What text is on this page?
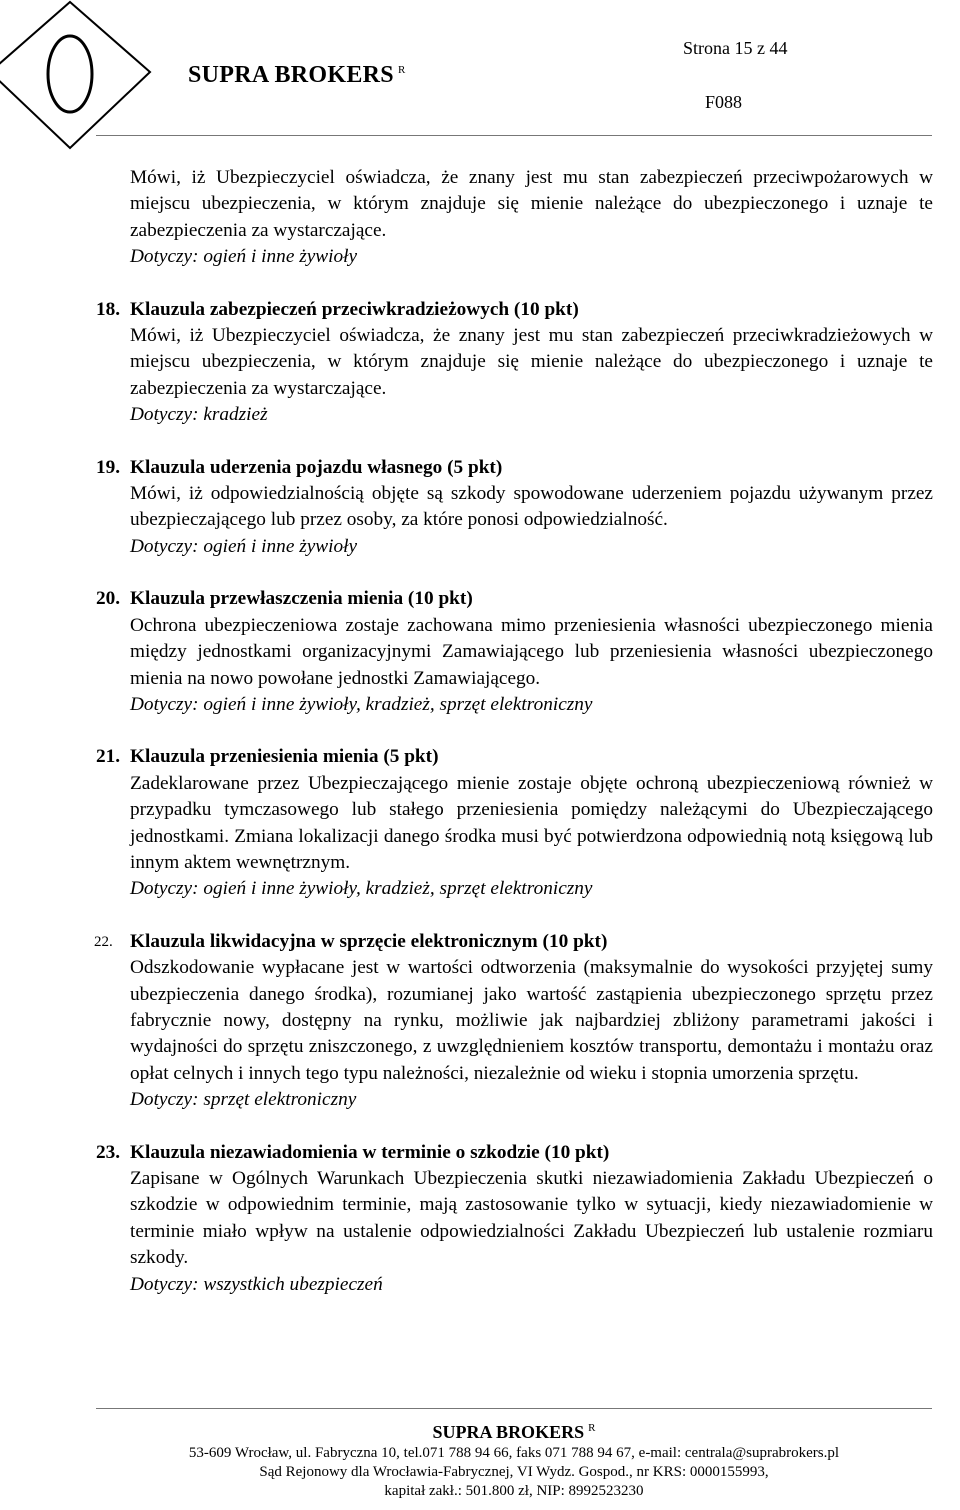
SUPRA BROKERS $^R$
Strona 15 z 44
F088
Mówi, iż Ubezpieczyciel oświadcza, że znany jest mu stan zabezpieczeń przeciwpożarowych w miejscu ubezpieczenia, w którym znajduje się mienie należące do ubezpieczonego i uznaje te zabezpieczenia za wystarczające.
Dotyczy: ogień i inne żywioły
18. Klauzula zabezpieczeń przeciwkradzieżowych (10 pkt)
Mówi, iż Ubezpieczyciel oświadcza, że znany jest mu stan zabezpieczeń przeciwkradzieżowych w miejscu ubezpieczenia, w którym znajduje się mienie należące do ubezpieczonego i uznaje te zabezpieczenia za wystarczające.
Dotyczy: kradzież
19. Klauzula uderzenia pojazdu własnego (5 pkt)
Mówi, iż odpowiedzialnością objęte są szkody spowodowane uderzeniem pojazdu używanym przez ubezpieczającego lub przez osoby, za które ponosi odpowiedzialność.
Dotyczy: ogień i inne żywioły
20. Klauzula przewłaszczenia mienia (10 pkt)
Ochrona ubezpieczeniowa zostaje zachowana mimo przeniesienia własności ubezpieczonego mienia między jednostkami organizacyjnymi Zamawiającego lub przeniesienia własności ubezpieczonego mienia na nowo powołane jednostki Zamawiającego.
Dotyczy: ogień i inne żywioły, kradzież, sprzęt elektroniczny
21. Klauzula przeniesienia mienia (5 pkt)
Zadeklarowane przez Ubezpieczającego mienie zostaje objęte ochroną ubezpieczeniową również w przypadku tymczasowego lub stałego przeniesienia pomiędzy należącymi do Ubezpieczającego jednostkami. Zmiana lokalizacji danego środka musi być potwierdzona odpowiednią notą księgową lub innym aktem wewnętrznym.
Dotyczy: ogień i inne żywioły, kradzież, sprzęt elektroniczny
22. Klauzula likwidacyjna w sprzęcie elektronicznym (10 pkt)
Odszkodowanie wypłacane jest w wartości odtworzenia (maksymalnie do wysokości przyjętej sumy ubezpieczenia danego środka), rozumianej jako wartość zastąpienia ubezpieczonego sprzętu przez fabrycznie nowy, dostępny na rynku, możliwie jak najbardziej zbliżony parametrami jakości i wydajności do sprzętu zniszczonego, z uwzględnieniem kosztów transportu, demontażu i montażu oraz opłat celnych i innych tego typu należności, niezależnie od wieku i stopnia umorzenia sprzętu.
Dotyczy: sprzęt elektroniczny
23. Klauzula niezawiadomienia w terminie o szkodzie (10 pkt)
Zapisane w Ogólnych Warunkach Ubezpieczenia skutki niezawiadomienia Zakładu Ubezpieczeń o szkodzie w odpowiednim terminie, mają zastosowanie tylko w sytuacji, kiedy niezawiadomienie w terminie miało wpływ na ustalenie odpowiedzialności Zakładu Ubezpieczeń lub ustalenie rozmiaru szkody.
Dotyczy: wszystkich ubezpieczeń
SUPRA BROKERS $^R$
53-609 Wrocław, ul. Fabryczna 10, tel.071 788 94 66, faks 071 788 94 67, e-mail: centrala@suprabrokers.pl
Sąd Rejonowy dla Wrocławia-Fabrycznej, VI Wydz. Gospod., nr KRS: 0000155993,
kapitał zakł.: 501.800 zł, NIP: 8992523230
